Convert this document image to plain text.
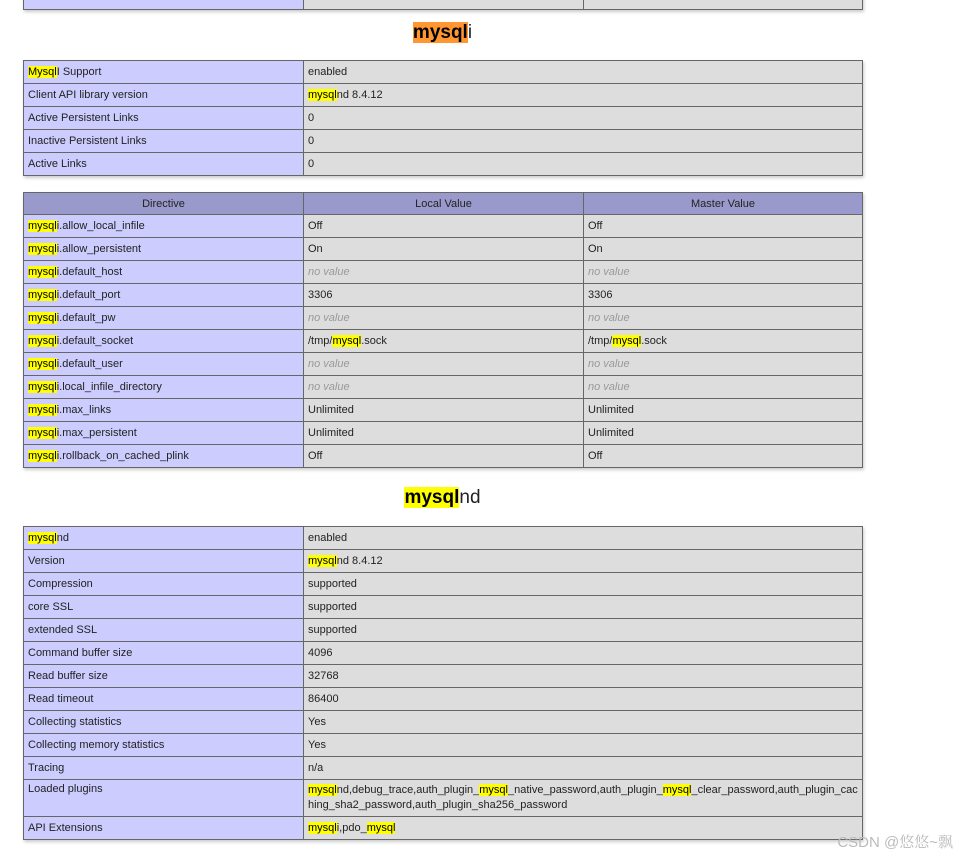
mysqli
MysqlI Support	enabled
Client API library version	mysqlnd 8.4.12
Active Persistent Links	0
Inactive Persistent Links	0
Active Links	0
Directive	Local Value	Master Value
mysqli.allow_local_infile	Off	Off
mysqli.allow_persistent	On	On
mysqli.default_host	no value	no value
mysqli.default_port	3306	3306
mysqli.default_pw	no value	no value
mysqli.default_socket	/tmp/mysql.sock	/tmp/mysql.sock
mysqli.default_user	no value	no value
mysqli.local_infile_directory	no value	no value
mysqli.max_links	Unlimited	Unlimited
mysqli.max_persistent	Unlimited	Unlimited
mysqli.rollback_on_cached_plink	Off	Off
mysqlnd
mysqlnd	enabled
Version	mysqlnd 8.4.12
Compression	supported
core SSL	supported
extended SSL	supported
Command buffer size	4096
Read buffer size	32768
Read timeout	86400
Collecting statistics	Yes
Collecting memory statistics	Yes
Tracing	n/a
Loaded plugins	mysqlnd,debug_trace,auth_plugin_mysql_native_password,auth_plugin_mysql_clear_password,auth_plugin_caching_sha2_password,auth_plugin_sha256_password
API Extensions	mysqli,pdo_mysql
CSDN @悠悠~飘
